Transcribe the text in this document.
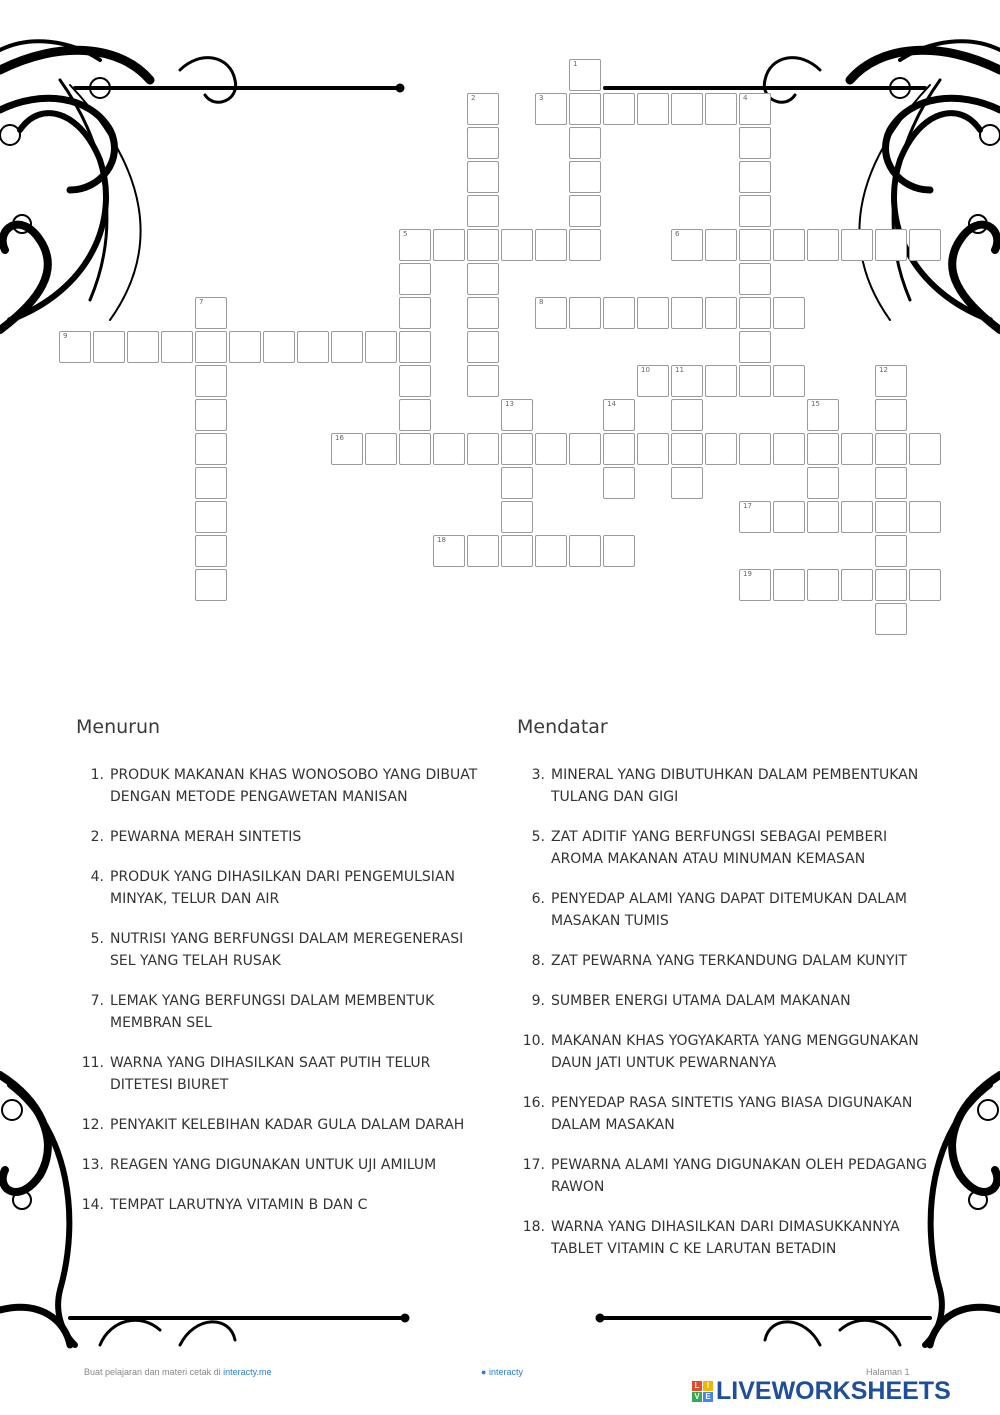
1
2	3	4
5	6
7	8
9
10	11	12
13	14	15
16
17
18
19
Menurun
1. PRODUK MAKANAN KHAS WONOSOBO YANG DIBUAT DENGAN METODE PENGAWETAN MANISAN
2. PEWARNA MERAH SINTETIS
4. PRODUK YANG DIHASILKAN DARI PENGEMULSIAN MINYAK, TELUR DAN AIR
5. NUTRISI YANG BERFUNGSI DALAM MEREGENERASI SEL YANG TELAH RUSAK
7. LEMAK YANG BERFUNGSI DALAM MEMBENTUK MEMBRAN SEL
11. WARNA YANG DIHASILKAN SAAT PUTIH TELUR DITETESI BIURET
12. PENYAKIT KELEBIHAN KADAR GULA DALAM DARAH
13. REAGEN YANG DIGUNAKAN UNTUK UJI AMILUM
14. TEMPAT LARUTNYA VITAMIN B DAN C
Mendatar
3. MINERAL YANG DIBUTUHKAN DALAM PEMBENTUKAN TULANG DAN GIGI
5. ZAT ADITIF YANG BERFUNGSI SEBAGAI PEMBERI AROMA MAKANAN ATAU MINUMAN KEMASAN
6. PENYEDAP ALAMI YANG DAPAT DITEMUKAN DALAM MASAKAN TUMIS
8. ZAT PEWARNA YANG TERKANDUNG DALAM KUNYIT
9. SUMBER ENERGI UTAMA DALAM MAKANAN
10. MAKANAN KHAS YOGYAKARTA YANG MENGGUNAKAN DAUN JATI UNTUK PEWARNANYA
16. PENYEDAP RASA SINTETIS YANG BIASA DIGUNAKAN DALAM MASAKAN
17. PEWARNA ALAMI YANG DIGUNAKAN OLEH PEDAGANG RAWON
18. WARNA YANG DIHASILKAN DARI DIMASUKKANNYA TABLET VITAMIN C KE LARUTAN BETADIN
Buat pelajaran dan materi cetak di interacty.me	● interacty	Halaman 1
L I
V E LIVEWORKSHEETS
